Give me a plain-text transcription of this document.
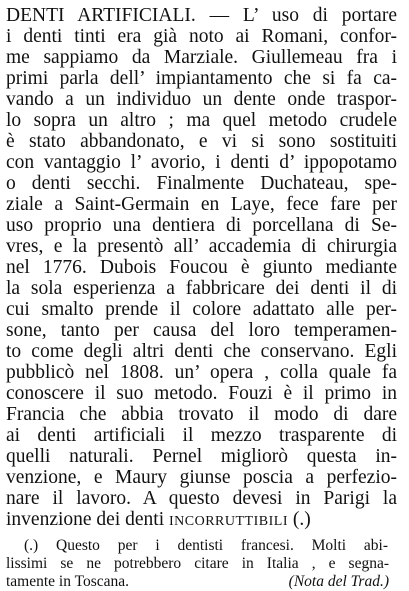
DENTI ARTIFICIALI. — L’ uso di portare
i denti tinti era già noto ai Romani, confor-
me sappiamo da Marziale. Giullemeau fra i
primi parla dell’ impiantamento che si fa ca-
vando a un individuo un dente onde traspor-
lo sopra un altro ; ma quel metodo crudele
è stato abbandonato, e vi si sono sostituiti
con vantaggio l’ avorio, i denti d’ ippopotamo
o denti secchi. Finalmente Duchateau, spe-
ziale a Saint-Germain en Laye, fece fare per
uso proprio una dentiera di porcellana di Se-
vres, e la presentò all’ accademia di chirurgia
nel 1776. Dubois Foucou è giunto mediante
la sola esperienza a fabbricare dei denti il di
cui smalto prende il colore adattato alle per-
sone, tanto per causa del loro temperamen-
to come degli altri denti che conservano. Egli
pubblicò nel 1808. un’ opera , colla quale fa
conoscere il suo metodo. Fouzi è il primo in
Francia che abbia trovato il modo di dare
ai denti artificiali il mezzo trasparente di
quelli naturali. Pernel migliorò questa in-
venzione, e Maury giunse poscia a perfezio-
nare il lavoro. A questo devesi in Parigi la
invenzione dei denti incorruttibili (.)
(.) Questo per i dentisti francesi. Molti abi-
lissimi se ne potrebbero citare in Italia , e segna-
tamente in Toscana.	(Nota del Trad.)
